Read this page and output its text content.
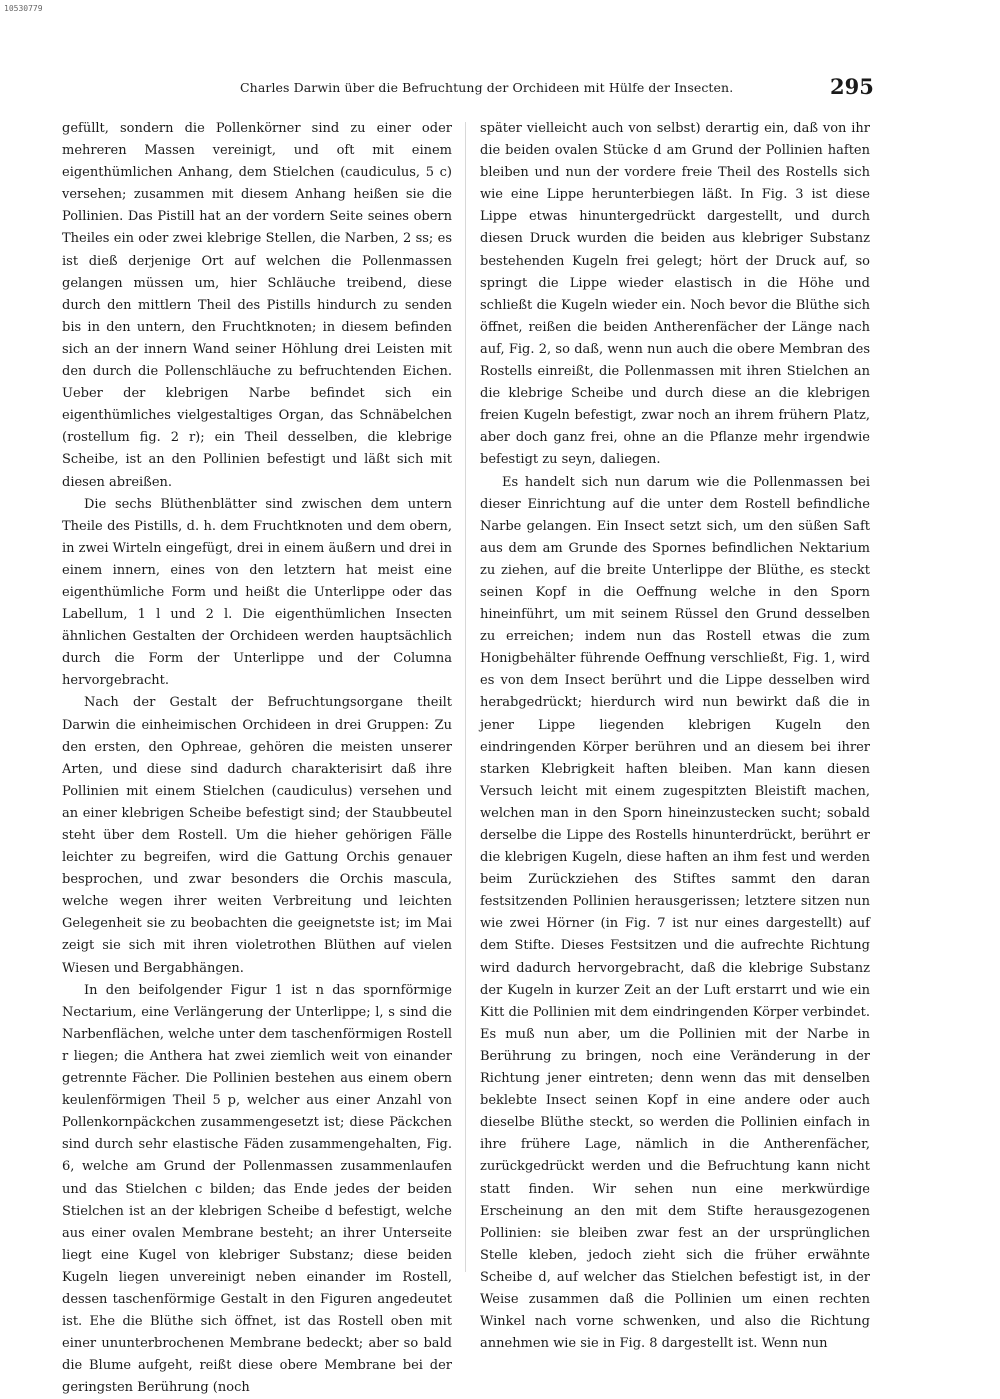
10530779
Charles Darwin über die Befruchtung der Orchideen mit Hülfe der Insecten.	295

gefüllt, sondern die Pollenkörner sind zu einer oder mehreren Massen vereinigt, und oft mit einem eigenthümlichen Anhang, dem Stielchen (caudiculus, 5 c) versehen; zusammen mit diesem Anhang heißen sie die Pollinien. Das Pistill hat an der vordern Seite seines obern Theiles ein oder zwei klebrige Stellen, die Narben, 2 ss; es ist dieß derjenige Ort auf welchen die Pollenmassen gelangen müssen um, hier Schläuche treibend, diese durch den mittlern Theil des Pistills hindurch zu senden bis in den untern, den Fruchtknoten; in diesem befinden sich an der innern Wand seiner Höhlung drei Leisten mit den durch die Pollenschläuche zu befruchtenden Eichen. Ueber der klebrigen Narbe befindet sich ein eigenthümliches vielgestaltiges Organ, das Schnäbelchen (rostellum fig. 2 r); ein Theil desselben, die klebrige Scheibe, ist an den Pollinien befestigt und läßt sich mit diesen abreißen.

Die sechs Blüthenblätter sind zwischen dem untern Theile des Pistills, d. h. dem Fruchtknoten und dem obern, in zwei Wirteln eingefügt, drei in einem äußern und drei in einem innern, eines von den letztern hat meist eine eigenthümliche Form und heißt die Unterlippe oder das Labellum, 1 l und 2 l. Die eigenthümlichen Insecten ähnlichen Gestalten der Orchideen werden hauptsächlich durch die Form der Unterlippe und der Columna hervorgebracht.

Nach der Gestalt der Befruchtungsorgane theilt Darwin die einheimischen Orchideen in drei Gruppen: Zu den ersten, den Ophreae, gehören die meisten unserer Arten, und diese sind dadurch charakterisirt daß ihre Pollinien mit einem Stielchen (caudiculus) versehen und an einer klebrigen Scheibe befestigt sind; der Staubbeutel steht über dem Rostell. Um die hieher gehörigen Fälle leichter zu begreifen, wird die Gattung Orchis genauer besprochen, und zwar besonders die Orchis mascula, welche wegen ihrer weiten Verbreitung und leichten Gelegenheit sie zu beobachten die geeignetste ist; im Mai zeigt sie sich mit ihren violetrothen Blüthen auf vielen Wiesen und Bergabhängen.

In den beifolgender Figur 1 ist n das spornförmige Nectarium, eine Verlängerung der Unterlippe; l, s sind die Narbenflächen, welche unter dem taschenförmigen Rostell r liegen; die Anthera hat zwei ziemlich weit von einander getrennte Fächer. Die Pollinien bestehen aus einem obern keulenförmigen Theil 5 p, welcher aus einer Anzahl von Pollenkornpäckchen zusammengesetzt ist; diese Päckchen sind durch sehr elastische Fäden zusammengehalten, Fig. 6, welche am Grund der Pollenmassen zusammenlaufen und das Stielchen c bilden; das Ende jedes der beiden Stielchen ist an der klebrigen Scheibe d befestigt, welche aus einer ovalen Membrane besteht; an ihrer Unterseite liegt eine Kugel von klebriger Substanz; diese beiden Kugeln liegen unvereinigt neben einander im Rostell, dessen taschenförmige Gestalt in den Figuren angedeutet ist. Ehe die Blüthe sich öffnet, ist das Rostell oben mit einer ununterbrochenen Membrane bedeckt; aber so bald die Blume aufgeht, reißt diese obere Membrane bei der geringsten Berührung (noch

später vielleicht auch von selbst) derartig ein, daß von ihr die beiden ovalen Stücke d am Grund der Pollinien haften bleiben und nun der vordere freie Theil des Rostells sich wie eine Lippe herunterbiegen läßt. In Fig. 3 ist diese Lippe etwas hinuntergedrückt dargestellt, und durch diesen Druck wurden die beiden aus klebriger Substanz bestehenden Kugeln frei gelegt; hört der Druck auf, so springt die Lippe wieder elastisch in die Höhe und schließt die Kugeln wieder ein. Noch bevor die Blüthe sich öffnet, reißen die beiden Antherenfächer der Länge nach auf, Fig. 2, so daß, wenn nun auch die obere Membran des Rostells einreißt, die Pollenmassen mit ihren Stielchen an die klebrige Scheibe und durch diese an die klebrigen freien Kugeln befestigt, zwar noch an ihrem frühern Platz, aber doch ganz frei, ohne an die Pflanze mehr irgendwie befestigt zu seyn, daliegen.

Es handelt sich nun darum wie die Pollenmassen bei dieser Einrichtung auf die unter dem Rostell befindliche Narbe gelangen. Ein Insect setzt sich, um den süßen Saft aus dem am Grunde des Spornes befindlichen Nektarium zu ziehen, auf die breite Unterlippe der Blüthe, es steckt seinen Kopf in die Oeffnung welche in den Sporn hineinführt, um mit seinem Rüssel den Grund desselben zu erreichen; indem nun das Rostell etwas die zum Honigbehälter führende Oeffnung verschließt, Fig. 1, wird es von dem Insect berührt und die Lippe desselben wird herabgedrückt; hierdurch wird nun bewirkt daß die in jener Lippe liegenden klebrigen Kugeln den eindringenden Körper berühren und an diesem bei ihrer starken Klebrigkeit haften bleiben. Man kann diesen Versuch leicht mit einem zugespitzten Bleistift machen, welchen man in den Sporn hineinzustecken sucht; sobald derselbe die Lippe des Rostells hinunterdrückt, berührt er die klebrigen Kugeln, diese haften an ihm fest und werden beim Zurückziehen des Stiftes sammt den daran festsitzenden Pollinien herausgerissen; letztere sitzen nun wie zwei Hörner (in Fig. 7 ist nur eines dargestellt) auf dem Stifte. Dieses Festsitzen und die aufrechte Richtung wird dadurch hervorgebracht, daß die klebrige Substanz der Kugeln in kurzer Zeit an der Luft erstarrt und wie ein Kitt die Pollinien mit dem eindringenden Körper verbindet. Es muß nun aber, um die Pollinien mit der Narbe in Berührung zu bringen, noch eine Veränderung in der Richtung jener eintreten; denn wenn das mit denselben beklebte Insect seinen Kopf in eine andere oder auch dieselbe Blüthe steckt, so werden die Pollinien einfach in ihre frühere Lage, nämlich in die Antherenfächer, zurückgedrückt werden und die Befruchtung kann nicht statt finden. Wir sehen nun eine merkwürdige Erscheinung an den mit dem Stifte herausgezogenen Pollinien: sie bleiben zwar fest an der ursprünglichen Stelle kleben, jedoch zieht sich die früher erwähnte Scheibe d, auf welcher das Stielchen befestigt ist, in der Weise zusammen daß die Pollinien um einen rechten Winkel nach vorne schwenken, und also die Richtung annehmen wie sie in Fig. 8 dargestellt ist. Wenn nun
